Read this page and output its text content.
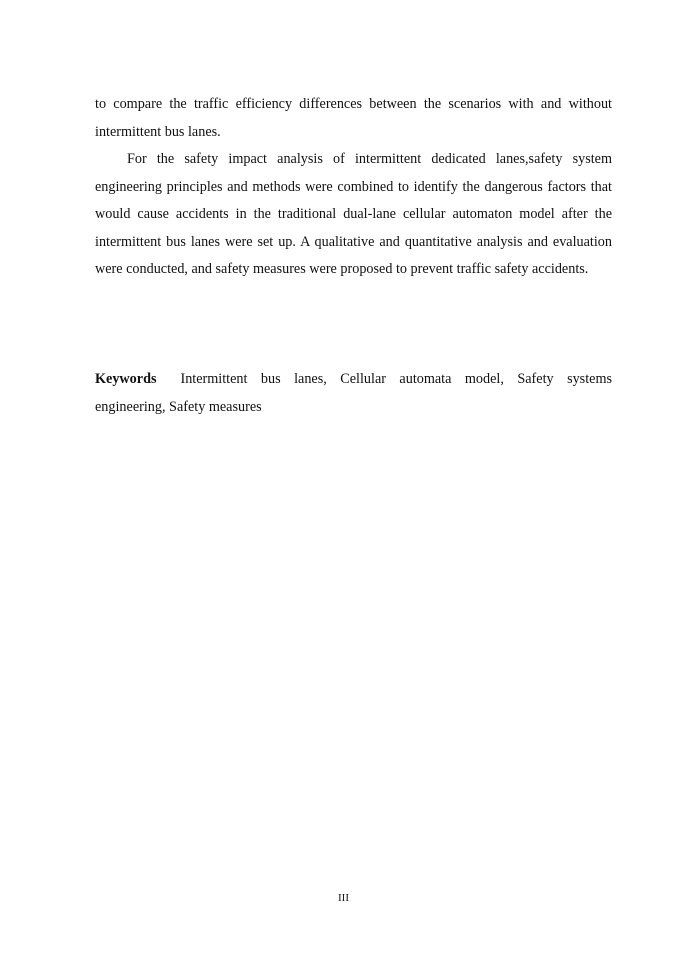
to compare the traffic efficiency differences between the scenarios with and without intermittent bus lanes.

For the safety impact analysis of intermittent dedicated lanes,safety system engineering principles and methods were combined to identify the dangerous factors that would cause accidents in the traditional dual-lane cellular automaton model after the intermittent bus lanes were set up. A qualitative and quantitative analysis and evaluation were conducted, and safety measures were proposed to prevent traffic safety accidents.

Keywords Intermittent bus lanes, Cellular automata model, Safety systems engineering, Safety measures

III
